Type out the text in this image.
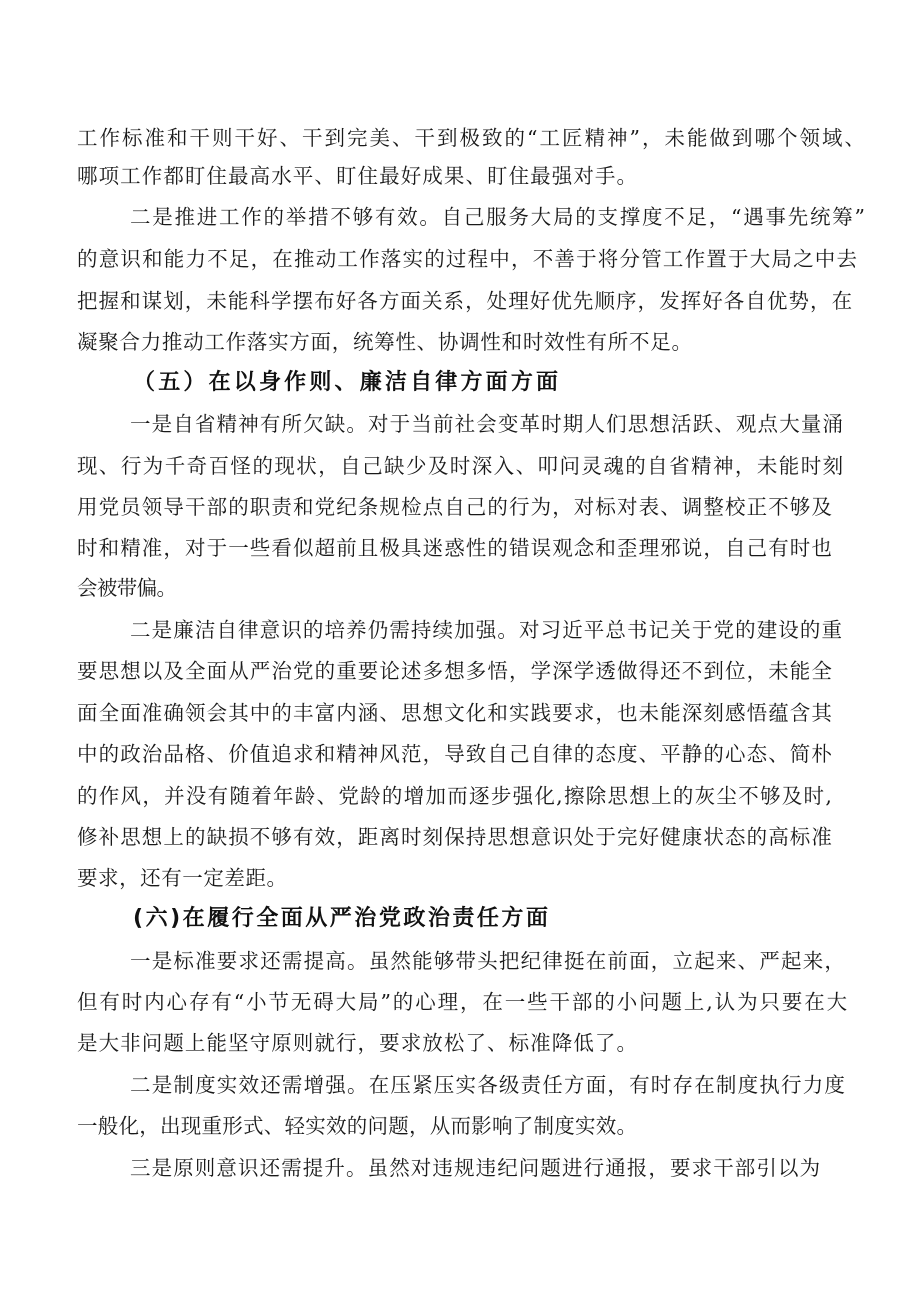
工作标准和干则干好、干到完美、干到极致的“工匠精神”，未能做到哪个领域、
哪项工作都盯住最高水平、盯住最好成果、盯住最强对手。
二是推进工作的举措不够有效。自己服务大局的支撑度不足，“遇事先统筹”
的意识和能力不足，在推动工作落实的过程中，不善于将分管工作置于大局之中去
把握和谋划，未能科学摆布好各方面关系，处理好优先顺序，发挥好各自优势，在
凝聚合力推动工作落实方面，统筹性、协调性和时效性有所不足。
（五）在以身作则、廉洁自律方面方面
一是自省精神有所欠缺。对于当前社会变革时期人们思想活跃、观点大量涌
现、行为千奇百怪的现状，自己缺少及时深入、叩问灵魂的自省精神，未能时刻
用党员领导干部的职责和党纪条规检点自己的行为，对标对表、调整校正不够及
时和精准，对于一些看似超前且极具迷惑性的错误观念和歪理邪说，自己有时也
会被带偏。
二是廉洁自律意识的培养仍需持续加强。对习近平总书记关于党的建设的重
要思想以及全面从严治党的重要论述多想多悟，学深学透做得还不到位，未能全
面全面准确领会其中的丰富内涵、思想文化和实践要求，也未能深刻感悟蕴含其
中的政治品格、价值追求和精神风范，导致自己自律的态度、平静的心态、简朴
的作风，并没有随着年龄、党龄的增加而逐步强化,擦除思想上的灰尘不够及时,
修补思想上的缺损不够有效，距离时刻保持思想意识处于完好健康状态的高标准
要求，还有一定差距。
(六)在履行全面从严治党政治责任方面
一是标准要求还需提高。虽然能够带头把纪律挺在前面，立起来、严起来，
但有时内心存有“小节无碍大局”的心理，在一些干部的小问题上,认为只要在大
是大非问题上能坚守原则就行，要求放松了、标准降低了。
二是制度实效还需增强。在压紧压实各级责任方面，有时存在制度执行力度
一般化，出现重形式、轻实效的问题，从而影响了制度实效。
三是原则意识还需提升。虽然对违规违纪问题进行通报，要求干部引以为
